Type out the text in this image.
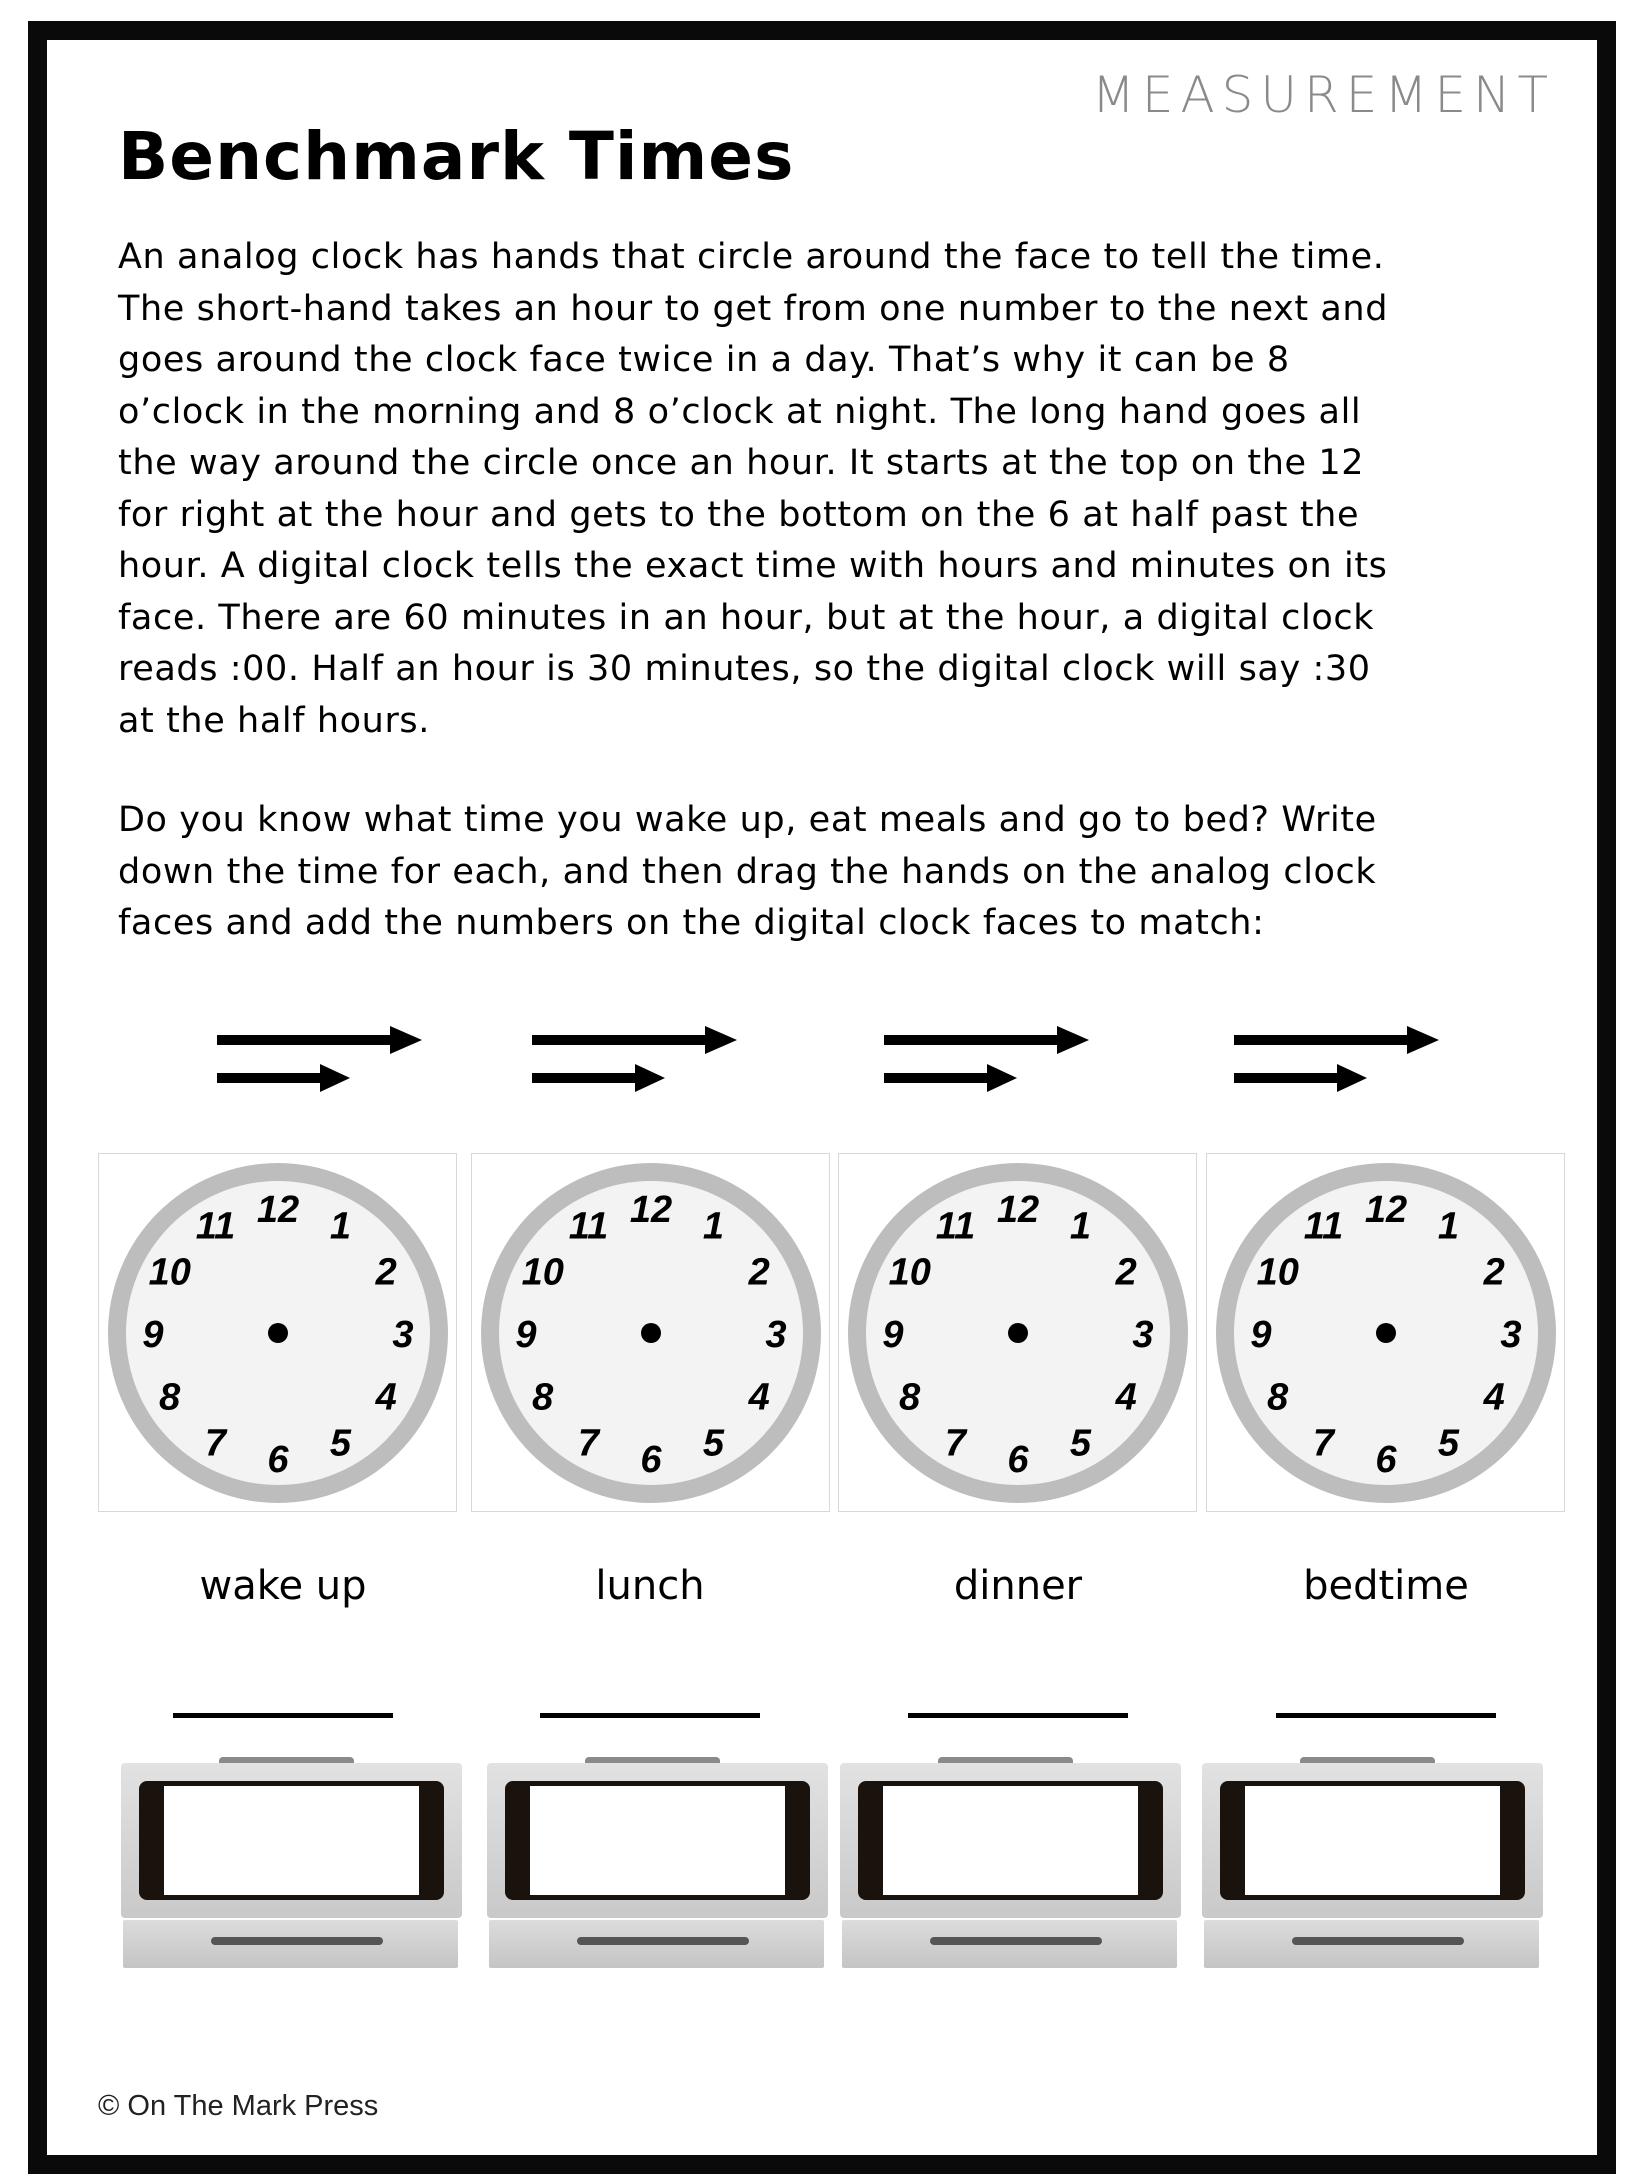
MEASUREMENT
Benchmark Times
An analog clock has hands that circle around the face to tell the time.
The short-hand takes an hour to get from one number to the next and
goes around the clock face twice in a day. That’s why it can be 8
o’clock in the morning and 8 o’clock at night. The long hand goes all
the way around the circle once an hour. It starts at the top on the 12
for right at the hour and gets to the bottom on the 6 at half past the
hour. A digital clock tells the exact time with hours and minutes on its
face. There are 60 minutes in an hour, but at the hour, a digital clock
reads :00. Half an hour is 30 minutes, so the digital clock will say :30
at the half hours.
Do you know what time you wake up, eat meals and go to bed? Write
down the time for each, and then drag the hands on the analog clock
faces and add the numbers on the digital clock faces to match:
12 1
2
3
4
5
6
7
8
9
10
11
wake up
12 1
2
3
4
5
6
7
8
9
10
11
lunch
12 1
2
3
4
5
6
7
8
9
10
11
dinner
12 1
2
3
4
5
6
7
8
9
10
11
bedtime
© On The Mark Press
